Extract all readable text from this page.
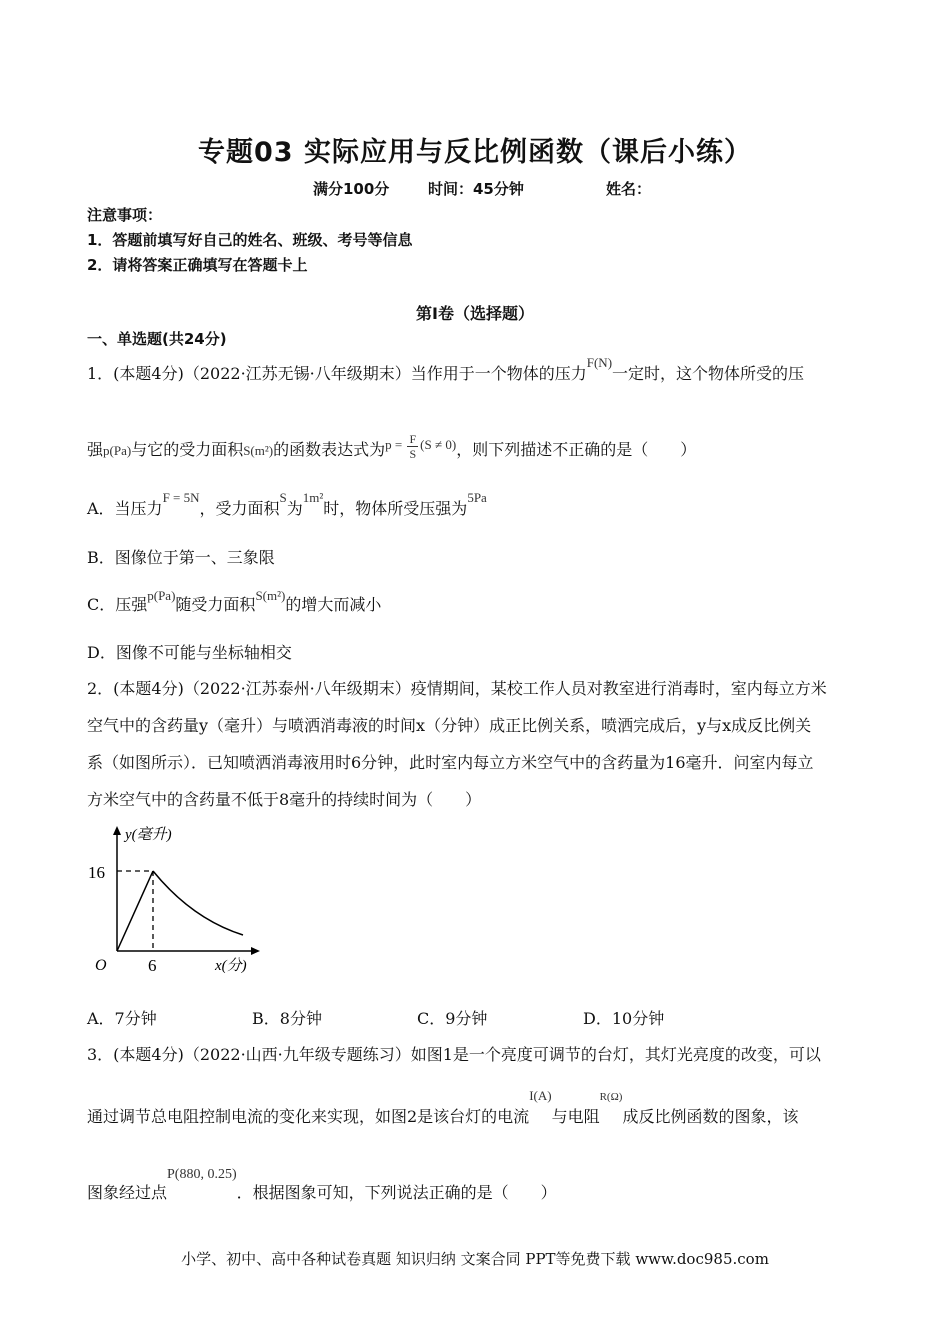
专题03 实际应用与反比例函数（课后小练）
满分100分	时间：45分钟	姓名：
注意事项：
1．答题前填写好自己的姓名、班级、考号等信息
2．请将答案正确填写在答题卡上
第Ⅰ卷（选择题）
一、单选题(共24分)
1．(本题4分)（2022·江苏无锡·八年级期末）当作用于一个物体的压力$^{F(N)}$一定时，这个物体所受的压
强p(Pa)与它的受力面积S(m²)的函数表达式为$^{p = \frac{F}{S} (S \ne 0)}$，则下列描述不正确的是（　　）
A．当压力$^{F = 5N}$，受力面积$^S$为$^{1m^2}$时，物体所受压强为$^{5Pa}$
B．图像位于第一、三象限
C．压强$^{p(Pa)}$随受力面积$^{S(m^2)}$的增大而减小
D．图像不可能与坐标轴相交
2．(本题4分)（2022·江苏泰州·八年级期末）疫情期间，某校工作人员对教室进行消毒时，室内每立方米
空气中的含药量y（毫升）与喷洒消毒液的时间x（分钟）成正比例关系，喷洒完成后，y与x成反比例关
系（如图所示）．已知喷洒消毒液用时6分钟，此时室内每立方米空气中的含药量为16毫升．问室内每立
方米空气中的含药量不低于8毫升的持续时间为（　　）
y(毫升)
16
O 6	x(分)
A．7分钟	B．8分钟	C．9分钟	D．10分钟
3．(本题4分)（2022·山西·九年级专题练习）如图1是一个亮度可调节的台灯，其灯光亮度的改变，可以
通过调节总电阻控制电流的变化来实现，如图2是该台灯的电流$^{I(A)}$与电阻$^{R(\Omega)}$成反比例函数的图象，该
图象经过点P(880, 0.25)．根据图象可知，下列说法正确的是（　　）
小学、初中、高中各种试卷真题 知识归纳 文案合同 PPT等免费下载 www.doc985.com
